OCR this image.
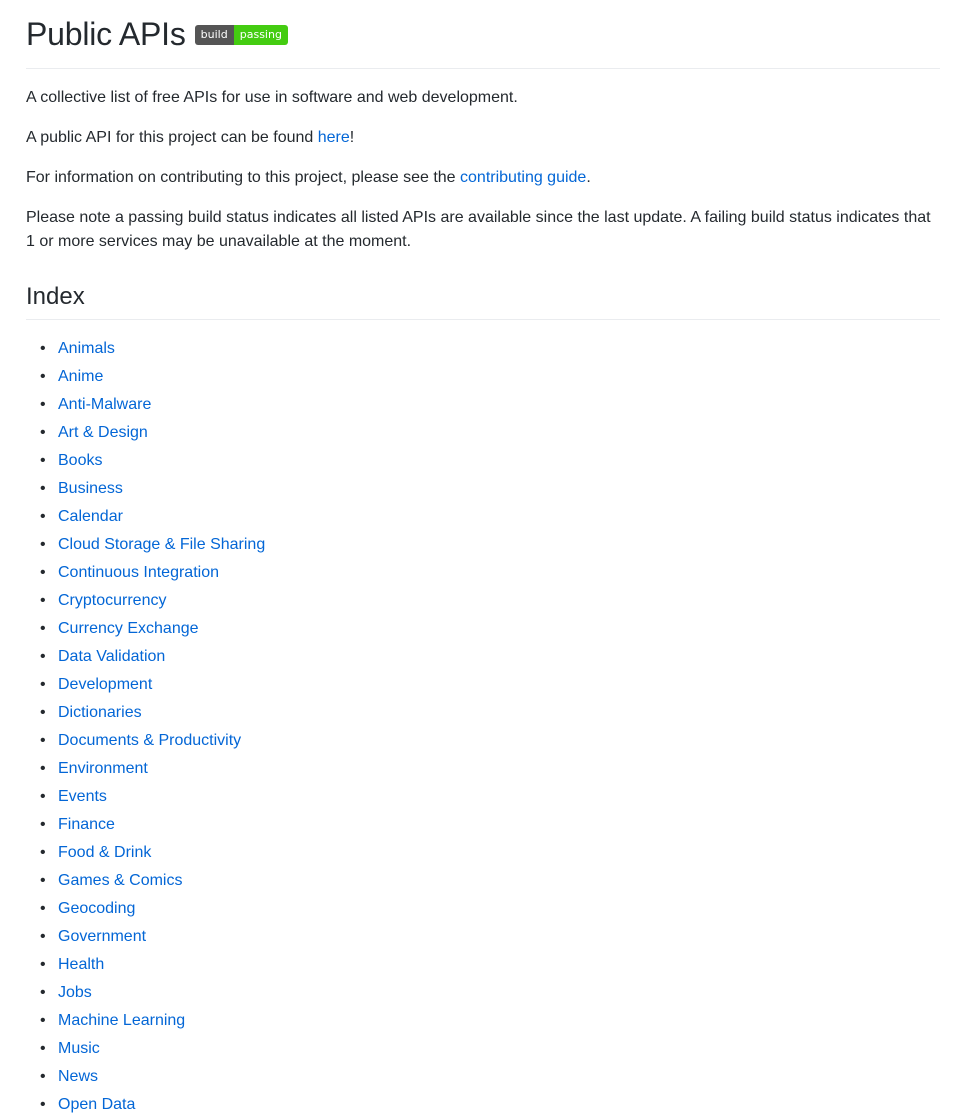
Public APIs	build	passing

A collective list of free APIs for use in software and web development.

A public API for this project can be found here!

For information on contributing to this project, please see the contributing guide.

Please note a passing build status indicates all listed APIs are available since the last update. A failing build status indicates that 1 or more services may be unavailable at the moment.

Index
• Animals
• Anime
• Anti-Malware
• Art & Design
• Books
• Business
• Calendar
• Cloud Storage & File Sharing
• Continuous Integration
• Cryptocurrency
• Currency Exchange
• Data Validation
• Development
• Dictionaries
• Documents & Productivity
• Environment
• Events
• Finance
• Food & Drink
• Games & Comics
• Geocoding
• Government
• Health
• Jobs
• Machine Learning
• Music
• News
• Open Data
